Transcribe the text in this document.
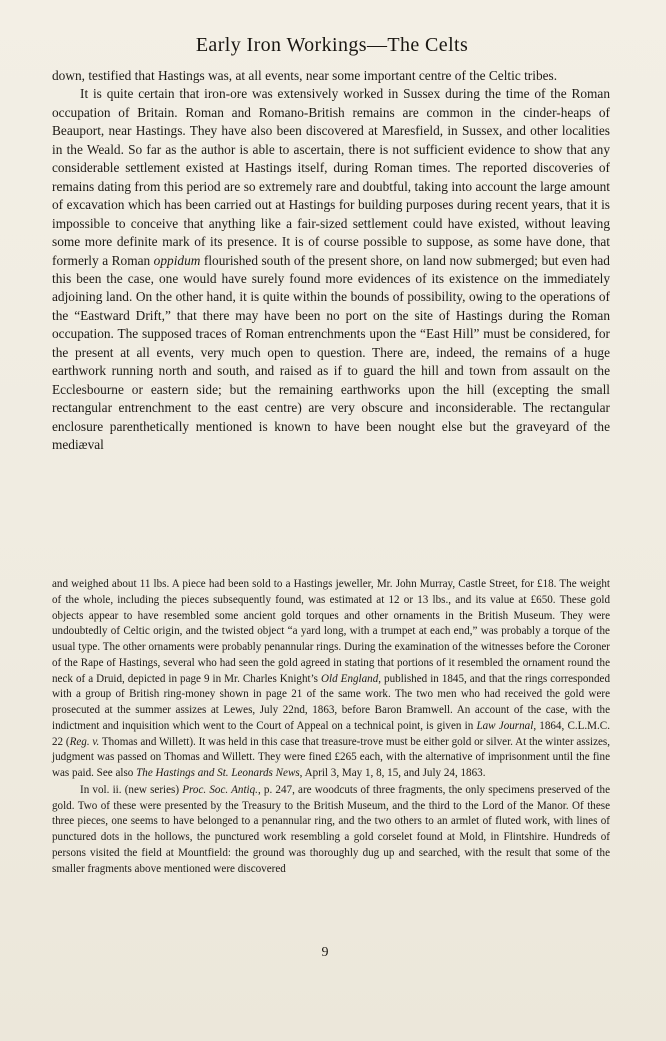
Early Iron Workings—The Celts

down, testified that Hastings was, at all events, near some important centre of the Celtic tribes.

It is quite certain that iron-ore was extensively worked in Sussex during the time of the Roman occupation of Britain. Roman and Romano-British remains are common in the cinder-heaps of Beauport, near Hastings. They have also been discovered at Maresfield, in Sussex, and other localities in the Weald. So far as the author is able to ascertain, there is not sufficient evidence to show that any considerable settlement existed at Hastings itself, during Roman times. The reported discoveries of remains dating from this period are so extremely rare and doubtful, taking into account the large amount of excavation which has been carried out at Hastings for building purposes during recent years, that it is impossible to conceive that anything like a fair-sized settlement could have existed, without leaving some more definite mark of its presence. It is of course possible to suppose, as some have done, that formerly a Roman oppidum flourished south of the present shore, on land now submerged; but even had this been the case, one would have surely found more evidences of its existence on the immediately adjoining land. On the other hand, it is quite within the bounds of possibility, owing to the operations of the “Eastward Drift,” that there may have been no port on the site of Hastings during the Roman occupation. The supposed traces of Roman entrenchments upon the “East Hill” must be considered, for the present at all events, very much open to question. There are, indeed, the remains of a huge earthwork running north and south, and raised as if to guard the hill and town from assault on the Ecclesbourne or eastern side; but the remaining earthworks upon the hill (excepting the small rectangular entrenchment to the east centre) are very obscure and inconsiderable. The rectangular enclosure parenthetically mentioned is known to have been nought else but the graveyard of the mediæval

and weighed about 11 lbs. A piece had been sold to a Hastings jeweller, Mr. John Murray, Castle Street, for £18. The weight of the whole, including the pieces subsequently found, was estimated at 12 or 13 lbs., and its value at £650. These gold objects appear to have resembled some ancient gold torques and other ornaments in the British Museum. They were undoubtedly of Celtic origin, and the twisted object “a yard long, with a trumpet at each end,” was probably a torque of the usual type. The other ornaments were probably penannular rings. During the examination of the witnesses before the Coroner of the Rape of Hastings, several who had seen the gold agreed in stating that portions of it resembled the ornament round the neck of a Druid, depicted in page 9 in Mr. Charles Knight’s Old England, published in 1845, and that the rings corresponded with a group of British ring-money shown in page 21 of the same work. The two men who had received the gold were prosecuted at the summer assizes at Lewes, July 22nd, 1863, before Baron Bramwell. An account of the case, with the indictment and inquisition which went to the Court of Appeal on a technical point, is given in Law Journal, 1864, C.L.M.C. 22 (Reg. v. Thomas and Willett). It was held in this case that treasure-trove must be either gold or silver. At the winter assizes, judgment was passed on Thomas and Willett. They were fined £265 each, with the alternative of imprisonment until the fine was paid. See also The Hastings and St. Leonards News, April 3, May 1, 8, 15, and July 24, 1863.

In vol. ii. (new series) Proc. Soc. Antiq., p. 247, are woodcuts of three fragments, the only specimens preserved of the gold. Two of these were presented by the Treasury to the British Museum, and the third to the Lord of the Manor. Of these three pieces, one seems to have belonged to a penannular ring, and the two others to an armlet of fluted work, with lines of punctured dots in the hollows, the punctured work resembling a gold corselet found at Mold, in Flintshire. Hundreds of persons visited the field at Mountfield: the ground was thoroughly dug up and searched, with the result that some of the smaller fragments above mentioned were discovered

9
